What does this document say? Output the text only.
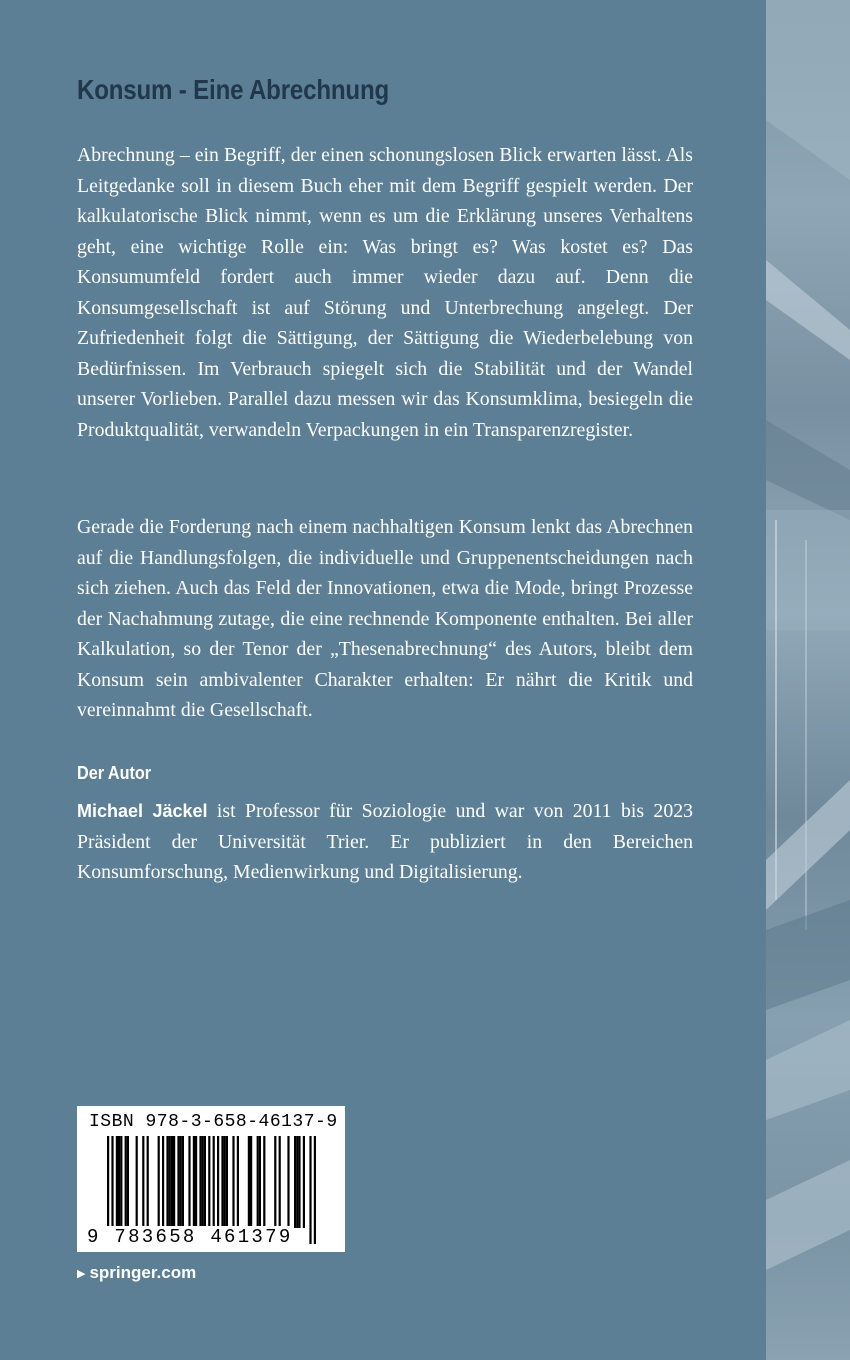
Konsum - Eine Abrechnung

Abrechnung – ein Begriff, der einen schonungslosen Blick erwarten lässt. Als Leitgedanke soll in diesem Buch eher mit dem Begriff gespielt werden. Der kalkulatorische Blick nimmt, wenn es um die Erklärung unseres Verhaltens geht, eine wichtige Rolle ein: Was bringt es? Was kostet es? Das Konsumumfeld fordert auch immer wieder dazu auf. Denn die Konsumgesellschaft ist auf Störung und Unterbrechung angelegt. Der Zufriedenheit folgt die Sättigung, der Sättigung die Wiederbelebung von Bedürfnissen. Im Verbrauch spiegelt sich die Stabilität und der Wandel unserer Vorlieben. Parallel dazu messen wir das Konsumklima, besiegeln die Produktqualität, verwandeln Verpackungen in ein Transparenzregister.

Gerade die Forderung nach einem nachhaltigen Konsum lenkt das Abrechnen auf die Handlungsfolgen, die individuelle und Gruppenentscheidungen nach sich ziehen. Auch das Feld der Innovationen, etwa die Mode, bringt Prozesse der Nachahmung zutage, die eine rechnende Komponente enthalten. Bei aller Kalkulation, so der Tenor der „Thesenabrechnung“ des Autors, bleibt dem Konsum sein ambivalenter Charakter erhalten: Er nährt die Kritik und vereinnahmt die Gesellschaft.

Der Autor

Michael Jäckel ist Professor für Soziologie und war von 2011 bis 2023 Präsident der Universität Trier. Er publiziert in den Bereichen Konsumforschung, Medienwirkung und Digitalisierung.

ISBN 978-3-658-46137-9
9 783658 461379
▶ springer.com
